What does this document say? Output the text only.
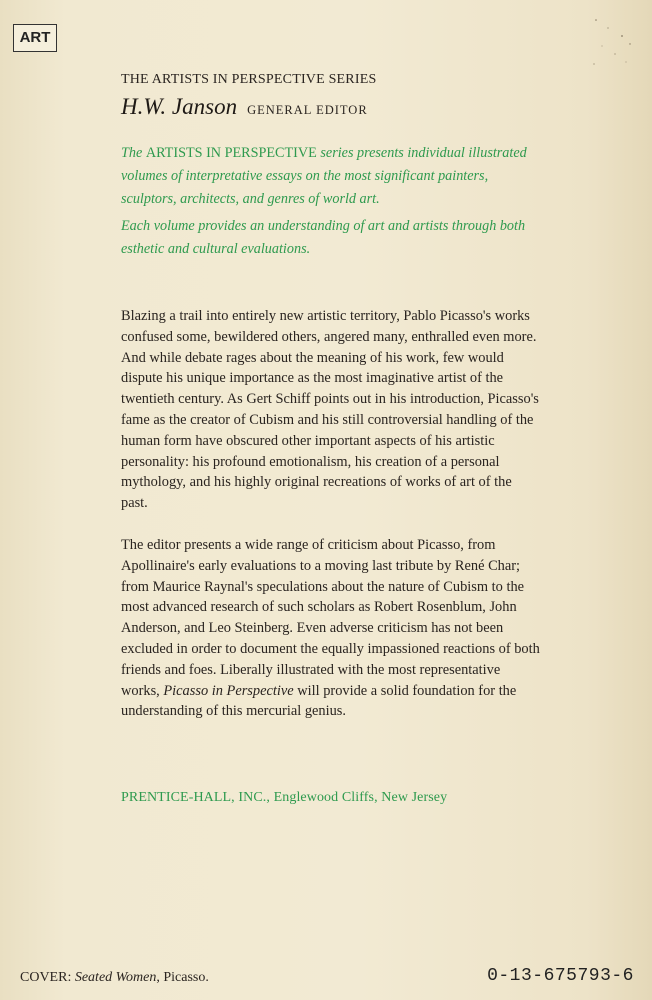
ART
THE ARTISTS IN PERSPECTIVE SERIES
H.W. Janson GENERAL EDITOR

The ARTISTS IN PERSPECTIVE series presents individual illustrated volumes of interpretative essays on the most significant painters, sculptors, architects, and genres of world art.

Each volume provides an understanding of art and artists through both esthetic and cultural evaluations.

Blazing a trail into entirely new artistic territory, Pablo Picasso's works confused some, bewildered others, angered many, enthralled even more. And while debate rages about the meaning of his work, few would dispute his unique importance as the most imaginative artist of the twentieth century. As Gert Schiff points out in his introduction, Picasso's fame as the creator of Cubism and his still controversial handling of the human form have obscured other important aspects of his artistic personality: his profound emotionalism, his creation of a personal mythology, and his highly original recreations of works of art of the past.

The editor presents a wide range of criticism about Picasso, from Apollinaire's early evaluations to a moving last tribute by René Char; from Maurice Raynal's speculations about the nature of Cubism to the most advanced research of such scholars as Robert Rosenblum, John Anderson, and Leo Steinberg. Even adverse criticism has not been excluded in order to document the equally impassioned reactions of both friends and foes. Liberally illustrated with the most representative works, Picasso in Perspective will provide a solid foundation for the understanding of this mercurial genius.

PRENTICE-HALL, INC., Englewood Cliffs, New Jersey
COVER: Seated Women, Picasso.	0-13-675793-6
